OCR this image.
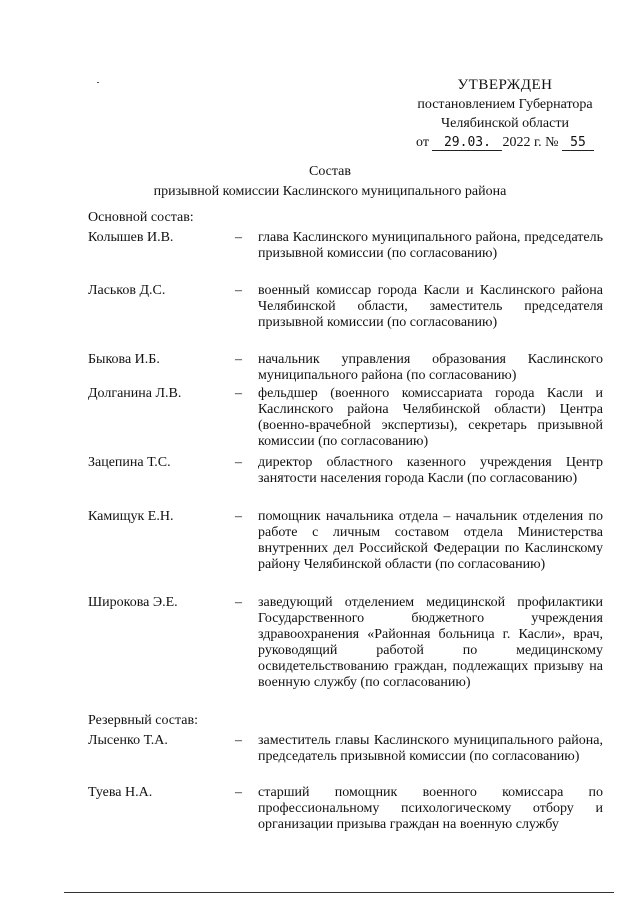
УТВЕРЖДЕН
постановлением Губернатора
Челябинской области
от 29.03. 2022 г. № 55
Состав
призывной комиссии Каслинского муниципального района
Основной состав:
Колышев И.В.	– глава Каслинского муниципального района, председатель призывной комиссии (по согласованию)
Ласьков Д.С.	– военный комиссар города Касли и Каслинского района Челябинской области, заместитель председателя призывной комиссии (по согласованию)
Быкова И.Б.	– начальник управления образования Каслинского муниципального района (по согласованию)
Долганина Л.В.	– фельдшер (военного комиссариата города Касли и Каслинского района Челябинской области) Центра (военно-врачебной экспертизы), секретарь призывной комиссии (по согласованию)
Зацепина Т.С.	– директор областного казенного учреждения Центр занятости населения города Касли (по согласованию)
Камищук Е.Н.	– помощник начальника отдела – начальник отделения по работе с личным составом отдела Министерства внутренних дел Российской Федерации по Каслинскому району Челябинской области (по согласованию)
Широкова Э.Е.	– заведующий отделением медицинской профилактики Государственного бюджетного учреждения здравоохранения «Районная больница г. Касли», врач, руководящий работой по медицинскому освидетельствованию граждан, подлежащих призыву на военную службу (по согласованию)
Резервный состав:
Лысенко Т.А.	– заместитель главы Каслинского муниципального района, председатель призывной комиссии (по согласованию)
Туева Н.А.	– старший помощник военного комиссара по профессиональному психологическому отбору и организации призыва граждан на военную службу
